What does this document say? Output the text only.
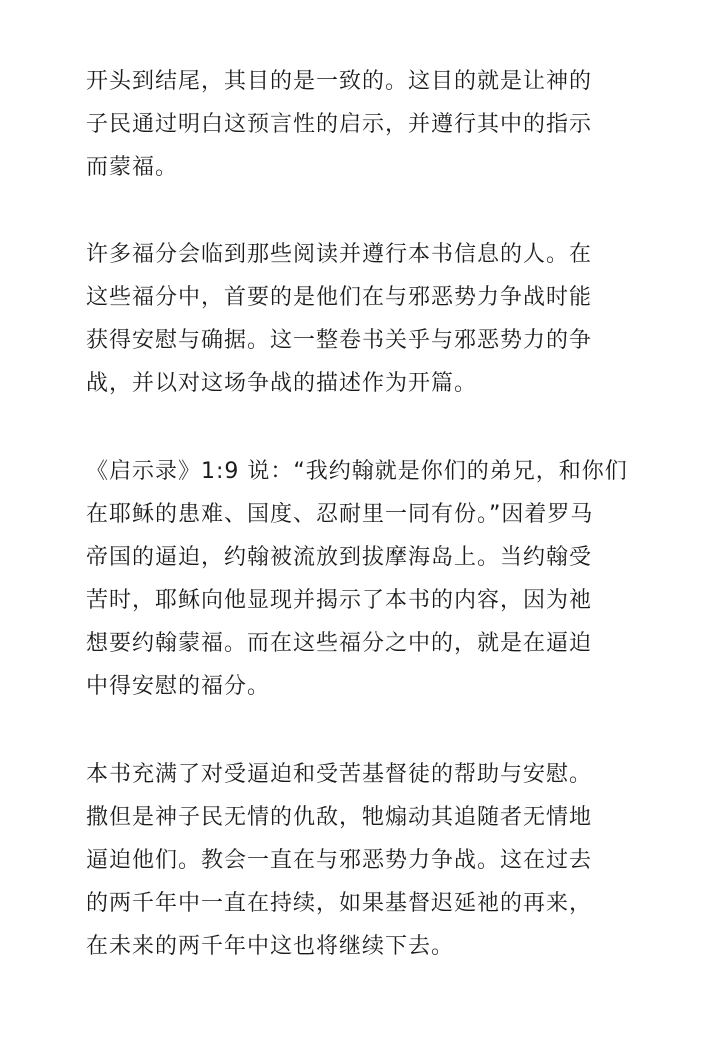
开头到结尾，其目的是一致的。这目的就是让神的
子民通过明白这预言性的启示，并遵行其中的指示
而蒙福。
许多福分会临到那些阅读并遵行本书信息的人。在
这些福分中，首要的是他们在与邪恶势力争战时能
获得安慰与确据。这一整卷书关乎与邪恶势力的争
战，并以对这场争战的描述作为开篇。
《启示录》1:9 说：“我约翰就是你们的弟兄，和你们
在耶稣的患难、国度、忍耐里一同有份。”因着罗马
帝国的逼迫，约翰被流放到拔摩海岛上。当约翰受
苦时，耶稣向他显现并揭示了本书的内容，因为祂
想要约翰蒙福。而在这些福分之中的，就是在逼迫
中得安慰的福分。
本书充满了对受逼迫和受苦基督徒的帮助与安慰。
撒但是神子民无情的仇敌，牠煽动其追随者无情地
逼迫他们。教会一直在与邪恶势力争战。这在过去
的两千年中一直在持续，如果基督迟延祂的再来，
在未来的两千年中这也将继续下去。
